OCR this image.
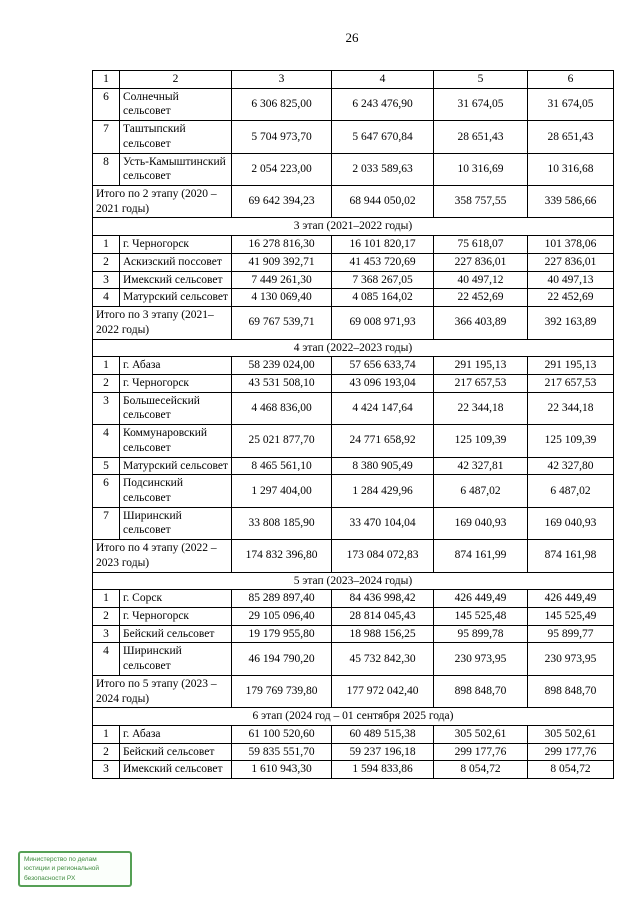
26
1	2	3	4	5	6
6	Солнечный сельсовет	6 306 825,00	6 243 476,90	31 674,05	31 674,05
7	Таштыпский сельсовет	5 704 973,70	5 647 670,84	28 651,43	28 651,43
8	Усть-Камыштинский сельсовет	2 054 223,00	2 033 589,63	10 316,69	10 316,68
Итого по 2 этапу (2020 – 2021 годы)		69 642 394,23	68 944 050,02	358 757,55	339 586,66
3 этап (2021–2022 годы)					
1	г. Черногорск	16 278 816,30	16 101 820,17	75 618,07	101 378,06
2	Аскизский поссовет	41 909 392,71	41 453 720,69	227 836,01	227 836,01
3	Имекский сельсовет	7 449 261,30	7 368 267,05	40 497,12	40 497,13
4	Матурский сельсовет	4 130 069,40	4 085 164,02	22 452,69	22 452,69
Итого по 3 этапу (2021– 2022 годы)		69 767 539,71	69 008 971,93	366 403,89	392 163,89
4 этап (2022–2023 годы)					
1	г. Абаза	58 239 024,00	57 656 633,74	291 195,13	291 195,13
2	г. Черногорск	43 531 508,10	43 096 193,04	217 657,53	217 657,53
3	Большесейский сельсовет	4 468 836,00	4 424 147,64	22 344,18	22 344,18
4	Коммунаровский сельсовет	25 021 877,70	24 771 658,92	125 109,39	125 109,39
5	Матурский сельсовет	8 465 561,10	8 380 905,49	42 327,81	42 327,80
6	Подсинский сельсовет	1 297 404,00	1 284 429,96	6 487,02	6 487,02
7	Ширинский сельсовет	33 808 185,90	33 470 104,04	169 040,93	169 040,93
Итого по 4 этапу (2022 – 2023 годы)		174 832 396,80	173 084 072,83	874 161,99	874 161,98
5 этап (2023–2024 годы)					
1	г. Сорск	85 289 897,40	84 436 998,42	426 449,49	426 449,49
2	г. Черногорск	29 105 096,40	28 814 045,43	145 525,48	145 525,49
3	Бейский сельсовет	19 179 955,80	18 988 156,25	95 899,78	95 899,77
4	Ширинский сельсовет	46 194 790,20	45 732 842,30	230 973,95	230 973,95
Итого по 5 этапу (2023 – 2024 годы)		179 769 739,80	177 972 042,40	898 848,70	898 848,70
6 этап (2024 год – 01 сентября 2025 года)					
1	г. Абаза	61 100 520,60	60 489 515,38	305 502,61	305 502,61
2	Бейский сельсовет	59 835 551,70	59 237 196,18	299 177,76	299 177,76
3	Имекский сельсовет	1 610 943,30	1 594 833,86	8 054,72	8 054,72
Министерство по делам
юстиции и региональной
безопасности РХ
